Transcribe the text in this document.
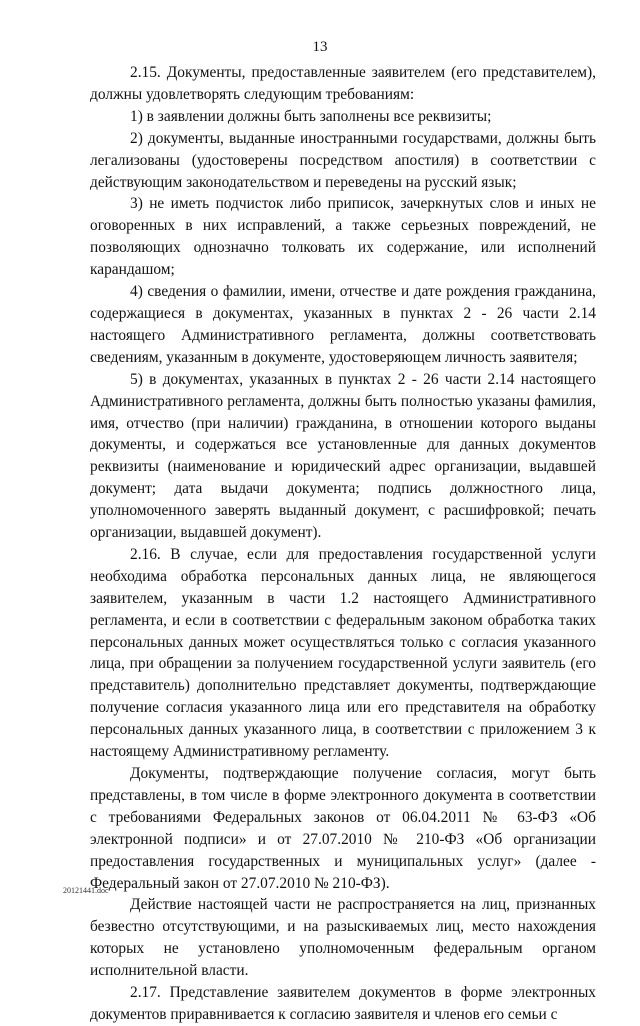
13

2.15. Документы, предоставленные заявителем (его представителем), должны удовлетворять следующим требованиям:

1) в заявлении должны быть заполнены все реквизиты;

2) документы, выданные иностранными государствами, должны быть легализованы (удостоверены посредством апостиля) в соответствии с действующим законодательством и переведены на русский язык;

3) не иметь подчисток либо приписок, зачеркнутых слов и иных не оговоренных в них исправлений, а также серьезных повреждений, не позволяющих однозначно толковать их содержание, или исполнений карандашом;

4) сведения о фамилии, имени, отчестве и дате рождения гражданина, содержащиеся в документах, указанных в пунктах 2 - 26 части 2.14 настоящего Административного регламента, должны соответствовать сведениям, указанным в документе, удостоверяющем личность заявителя;

5) в документах, указанных в пунктах 2 - 26 части 2.14 настоящего Административного регламента, должны быть полностью указаны фамилия, имя, отчество (при наличии) гражданина, в отношении которого выданы документы, и содержаться все установленные для данных документов реквизиты (наименование и юридический адрес организации, выдавшей документ; дата выдачи документа; подпись должностного лица, уполномоченного заверять выданный документ, с расшифровкой; печать организации, выдавшей документ).

2.16. В случае, если для предоставления государственной услуги необходима обработка персональных данных лица, не являющегося заявителем, указанным в части 1.2 настоящего Административного регламента, и если в соответствии с федеральным законом обработка таких персональных данных может осуществляться только с согласия указанного лица, при обращении за получением государственной услуги заявитель (его представитель) дополнительно представляет документы, подтверждающие получение согласия указанного лица или его представителя на обработку персональных данных указанного лица, в соответствии с приложением 3 к настоящему Административному регламенту.

Документы, подтверждающие получение согласия, могут быть представлены, в том числе в форме электронного документа в соответствии с требованиями Федеральных законов от 06.04.2011 № 63-ФЗ «Об электронной подписи» и от 27.07.2010 № 210-ФЗ «Об организации предоставления государственных и муниципальных услуг» (далее - Федеральный закон от 27.07.2010 № 210-ФЗ).

Действие настоящей части не распространяется на лиц, признанных безвестно отсутствующими, и на разыскиваемых лиц, место нахождения которых не установлено уполномоченным федеральным органом исполнительной власти.

2.17. Представление заявителем документов в форме электронных документов приравнивается к согласию заявителя и членов его семьи с

20121441.doc
